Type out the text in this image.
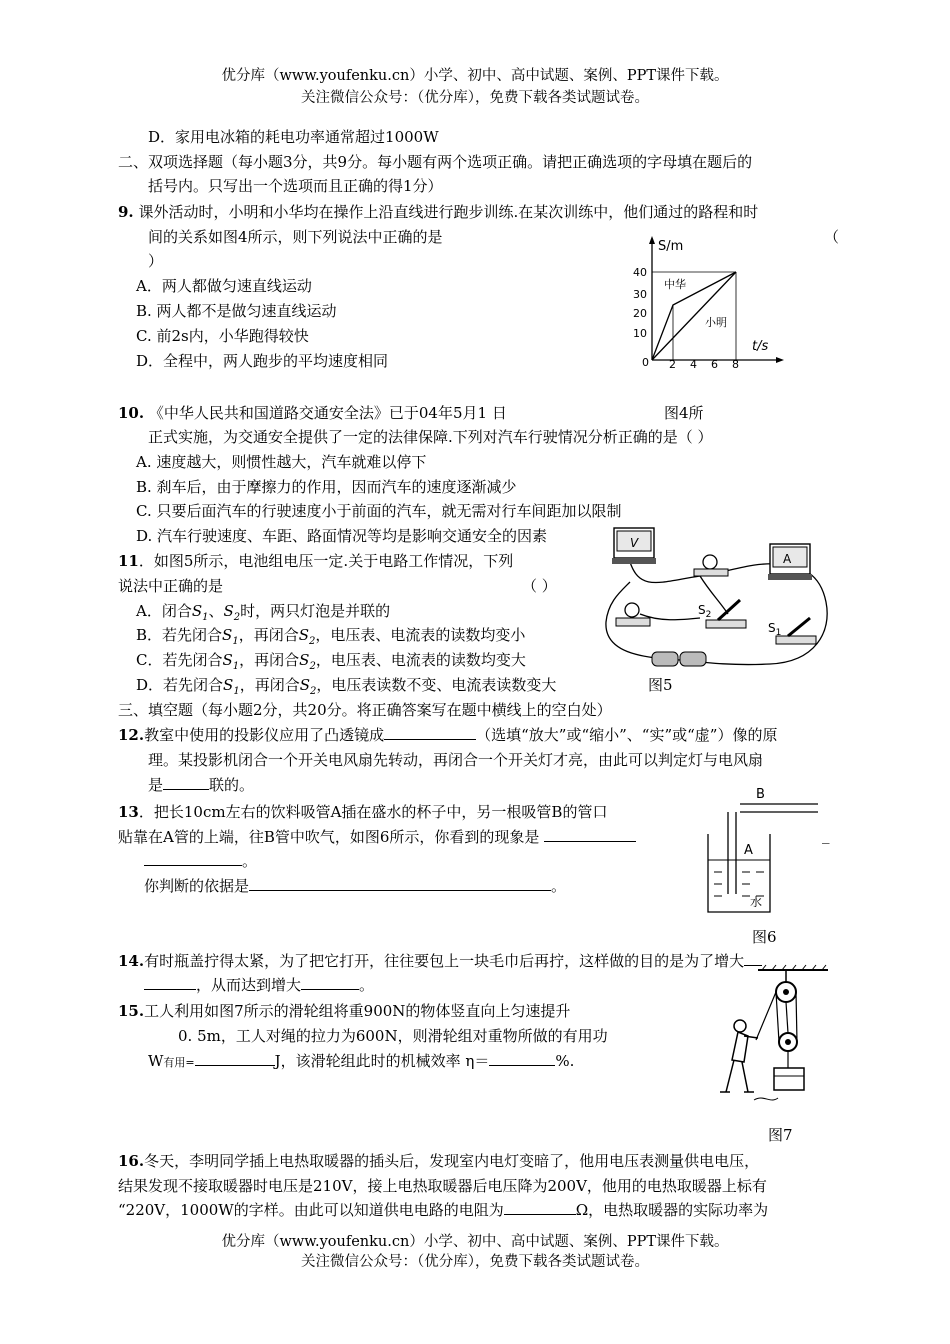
优分库（www.youfenku.cn）小学、初中、高中试题、案例、PPT课件下载。
关注微信公众号：（优分库），免费下载各类试题试卷。
D．家用电冰箱的耗电功率通常超过1000W
二、双项选择题（每小题3分，共9分。每小题有两个选项正确。请把正确选项的字母填在题后的
括号内。只写出一个选项而且正确的得1分）
9. 课外活动时，小明和小华均在操作上沿直线进行跑步训练.在某次训练中，他们通过的路程和时
间的关系如图4所示，则下列说法中正确的是	（
）
A．两人都做匀速直线运动
B. 两人都不是做匀速直线运动
C. 前2s内，小华跑得较快
D．全程中，两人跑步的平均速度相同
S/m
t/s
40
30
20
10
0 2 4 6 8
中华
小明
10. 《中华人民共和国道路交通安全法》已于04年5月1 日	图4所
正式实施，为交通安全提供了一定的法律保障.下列对汽车行驶情况分析正确的是（ ）
A. 速度越大，则惯性越大，汽车就难以停下
B. 刹车后，由于摩擦力的作用，因而汽车的速度逐渐减少
C. 只要后面汽车的行驶速度小于前面的汽车，就无需对行车间距加以限制
D. 汽车行驶速度、车距、路面情况等均是影响交通安全的因素
11．如图5所示，电池组电压一定.关于电路工作情况，下列
说法中正确的是	（ ）
A．闭合$S_1$、$S_2$时，两只灯泡是并联的
B．若先闭合$S_1$，再闭合$S_2$，电压表、电流表的读数均变小
C．若先闭合$S_1$，再闭合$S_2$，电压表、电流表的读数均变大
D．若先闭合$S_1$，再闭合$S_2$，电压表读数不变、电流表读数变大	图5
V
A
$S_2$
$S_1$
三、填空题（每小题2分，共20分。将正确答案写在题中横线上的空白处）
12.教室中使用的投影仪应用了凸透镜成	（选填“放大”或“缩小”、“实”或“虚”）像的原
理。某投影机闭合一个开关电风扇先转动，再闭合一个开关灯才亮，由此可以判定灯与电风扇
是	联的。
13．把长10cm左右的饮料吸管A插在盛水的杯子中，另一根吸管B的管口
贴靠在A管的上端，往B管中吹气，如图6所示，你看到的现象是	_
。
你判断的依据是	。
图6
B
A
水
14.有时瓶盖拧得太紧，为了把它打开，往往要包上一块毛巾后再拧，这样做的目的是为了增大
，从而达到增大	。
15.工人利用如图7所示的滑轮组将重900N的物体竖直向上匀速提升
0. 5m，工人对绳的拉力为600N，则滑轮组对重物所做的有用功
W有用=	J，该滑轮组此时的机械效率 η＝	%.
图7
16.冬天，李明同学插上电热取暖器的插头后，发现室内电灯变暗了，他用电压表测量供电电压，
结果发现不接取暖器时电压是210V，接上电热取暖器后电压降为200V，他用的电热取暖器上标有
“220V，1000W的字样。由此可以知道供电电路的电阻为	Ω，电热取暖器的实际功率为
优分库（www.youfenku.cn）小学、初中、高中试题、案例、PPT课件下载。
关注微信公众号：（优分库），免费下载各类试题试卷。
